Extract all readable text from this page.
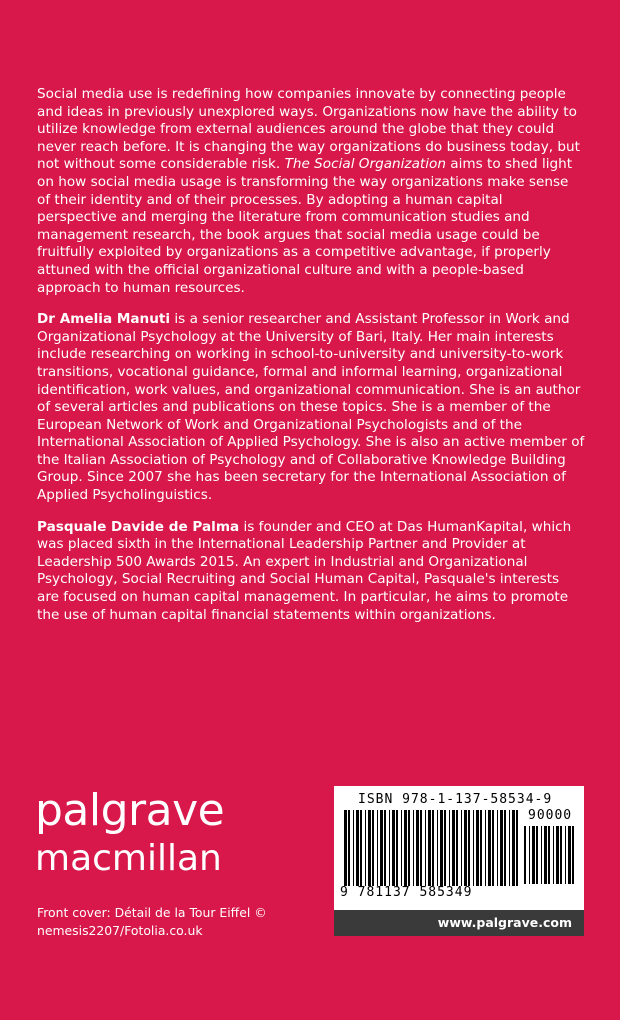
Social media use is redefining how companies innovate by connecting people and ideas in previously unexplored ways. Organizations now have the ability to utilize knowledge from external audiences around the globe that they could never reach before. It is changing the way organizations do business today, but not without some considerable risk. The Social Organization aims to shed light on how social media usage is transforming the way organizations make sense of their identity and of their processes. By adopting a human capital perspective and merging the literature from communication studies and management research, the book argues that social media usage could be fruitfully exploited by organizations as a competitive advantage, if properly attuned with the official organizational culture and with a people-based approach to human resources.

Dr Amelia Manuti is a senior researcher and Assistant Professor in Work and Organizational Psychology at the University of Bari, Italy. Her main interests include researching on working in school-to-university and university-to-work transitions, vocational guidance, formal and informal learning, organizational identification, work values, and organizational communication. She is an author of several articles and publications on these topics. She is a member of the European Network of Work and Organizational Psychologists and of the International Association of Applied Psychology. She is also an active member of the Italian Association of Psychology and of Collaborative Knowledge Building Group. Since 2007 she has been secretary for the International Association of Applied Psycholinguistics.

Pasquale Davide de Palma is founder and CEO at Das HumanKapital, which was placed sixth in the International Leadership Partner and Provider at Leadership 500 Awards 2015. An expert in Industrial and Organizational Psychology, Social Recruiting and Social Human Capital, Pasquale's interests are focused on human capital management. In particular, he aims to promote the use of human capital financial statements within organizations.

palgrave
macmillan
Front cover: Détail de la Tour Eiffel ©
nemesis2207/Fotolia.co.uk
ISBN 978-1-137-58534-9
90000
9 781137 585349
www.palgrave.com
